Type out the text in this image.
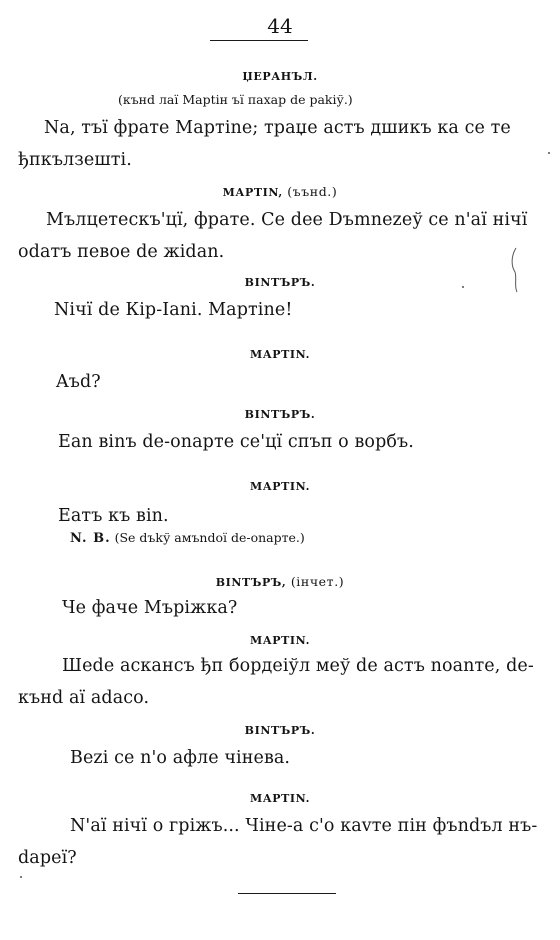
44
ЏЕРАНЪЛ.
(кънd лаї Марtiн ъї пахар de pakiў.)
Na, тъї фрате Мартine; траџе астъ дшикъ ка се те
ђпкълзешті.
МАРТIN, (ъънd.)
Мълцетескъ'цї, фрате. Се dee Dъmnezeў се n'aї нічї
odатъ певое de жidan.
ВІNТЪРЪ.
Nічї de Кip-Iani. Мартine!
МАРТIN.
Aъd?
ВІNТЪРЪ.
Ean віnъ de-onapтe се'цї спъп о ворбъ.
МАРТIN.
Eaтъ къ віn.
N. B. (Se dъkў амъndoї de-onapтe.)
ВІNТЪРЪ, (iнчет.)
Че фаче Мърiжка?
МАРТIN.
Шеde аскансъ ђп бордеiўл меў de астъ noanтe, de-
кънd aї adaco.
ВІNТЪРЪ.
Bezi се n'o афле чінева.
МАРТIN.
N'aї нічї о грiжъ... Чіне-a с'o каvтe пiн фъndъл нъ-
dapeї?
